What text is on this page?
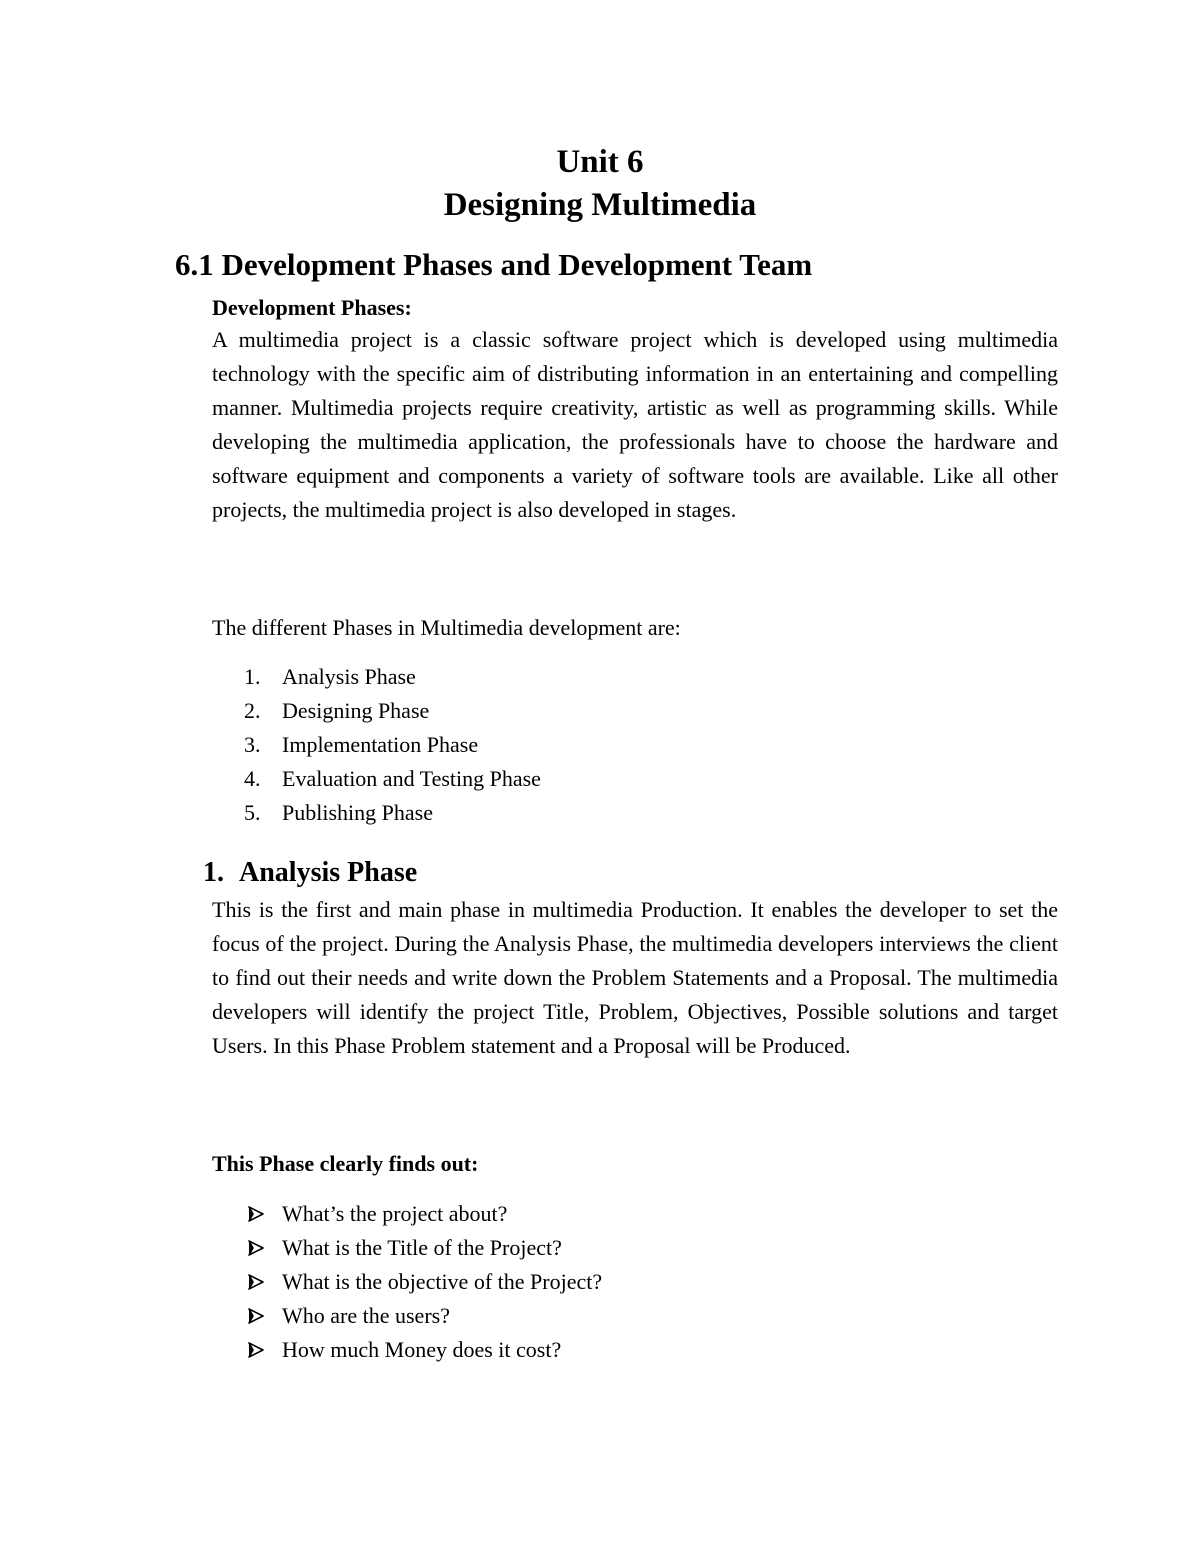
Unit 6
Designing Multimedia
6.1 Development Phases and Development Team
Development Phases:

A multimedia project is a classic software project which is developed using multimedia technology with the specific aim of distributing information in an entertaining and compelling manner. Multimedia projects require creativity, artistic as well as programming skills. While developing the multimedia application, the professionals have to choose the hardware and software equipment and components a variety of software tools are available. Like all other projects, the multimedia project is also developed in stages.

The different Phases in Multimedia development are:

1. Analysis Phase
2. Designing Phase
3. Implementation Phase
4. Evaluation and Testing Phase
5. Publishing Phase
1. Analysis Phase

This is the first and main phase in multimedia Production. It enables the developer to set the focus of the project. During the Analysis Phase, the multimedia developers interviews the client to find out their needs and write down the Problem Statements and a Proposal. The multimedia developers will identify the project Title, Problem, Objectives, Possible solutions and target Users. In this Phase Problem statement and a Proposal will be Produced.

This Phase clearly finds out:

What’s the project about?
What is the Title of the Project?
What is the objective of the Project?
Who are the users?
How much Money does it cost?
